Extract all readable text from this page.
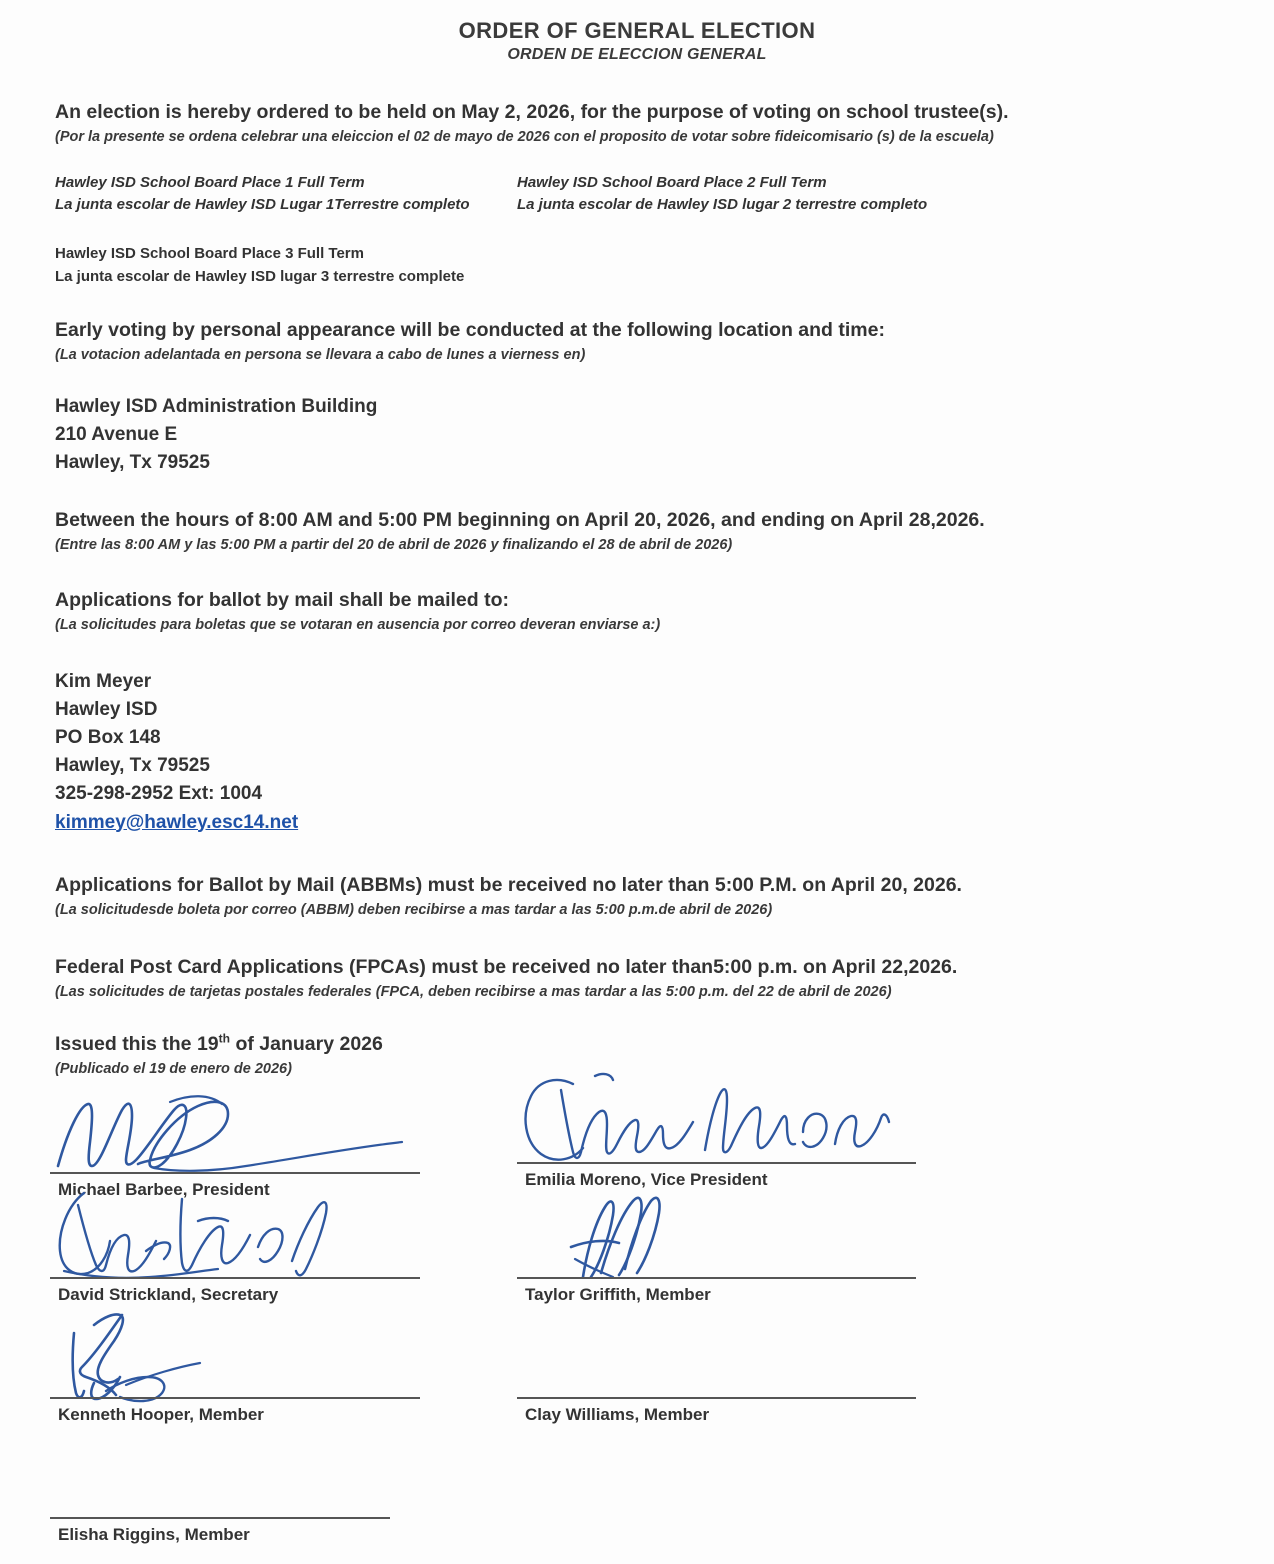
ORDER OF GENERAL ELECTION
ORDEN DE ELECCION GENERAL
An election is hereby ordered to be held on May 2, 2026, for the purpose of voting on school trustee(s).
(Por la presente se ordena celebrar una eleiccion el 02 de mayo de 2026 con el proposito de votar sobre fideicomisario (s) de la escuela)
Hawley ISD School Board Place 1 Full Term
La junta escolar de Hawley ISD Lugar 1Terrestre completo
Hawley ISD School Board Place 2 Full Term
La junta escolar de Hawley ISD lugar 2 terrestre completo
Hawley ISD School Board Place 3 Full Term
La junta escolar de Hawley ISD lugar 3 terrestre complete
Early voting by personal appearance will be conducted at the following location and time:
(La votacion adelantada en persona se llevara a cabo de lunes a vierness en)
Hawley ISD Administration Building
210 Avenue E
Hawley, Tx 79525
Between the hours of 8:00 AM and 5:00 PM beginning on April 20, 2026, and ending on April 28,2026.
(Entre las 8:00 AM y las 5:00 PM a partir del 20 de abril de 2026 y finalizando el 28 de abril de 2026)
Applications for ballot by mail shall be mailed to:
(La solicitudes para boletas que se votaran en ausencia por correo deveran enviarse a:)
Kim Meyer
Hawley ISD
PO Box 148
Hawley, Tx 79525
325-298-2952 Ext: 1004
kimmey@hawley.esc14.net
Applications for Ballot by Mail (ABBMs) must be received no later than 5:00 P.M. on April 20, 2026.
(La solicitudesde boleta por correo (ABBM) deben recibirse a mas tardar a las 5:00 p.m.de abril de 2026)
Federal Post Card Applications (FPCAs) must be received no later than5:00 p.m. on April 22,2026.
(Las solicitudes de tarjetas postales federales (FPCA, deben recibirse a mas tardar a las 5:00 p.m. del 22 de abril de 2026)
Issued this the 19th of January 2026
(Publicado el 19 de enero de 2026)
Michael Barbee, President
Emilia Moreno, Vice President
David Strickland, Secretary	Taylor Griffith, Member
Kenneth Hooper, Member	Clay Williams, Member
Elisha Riggins, Member
